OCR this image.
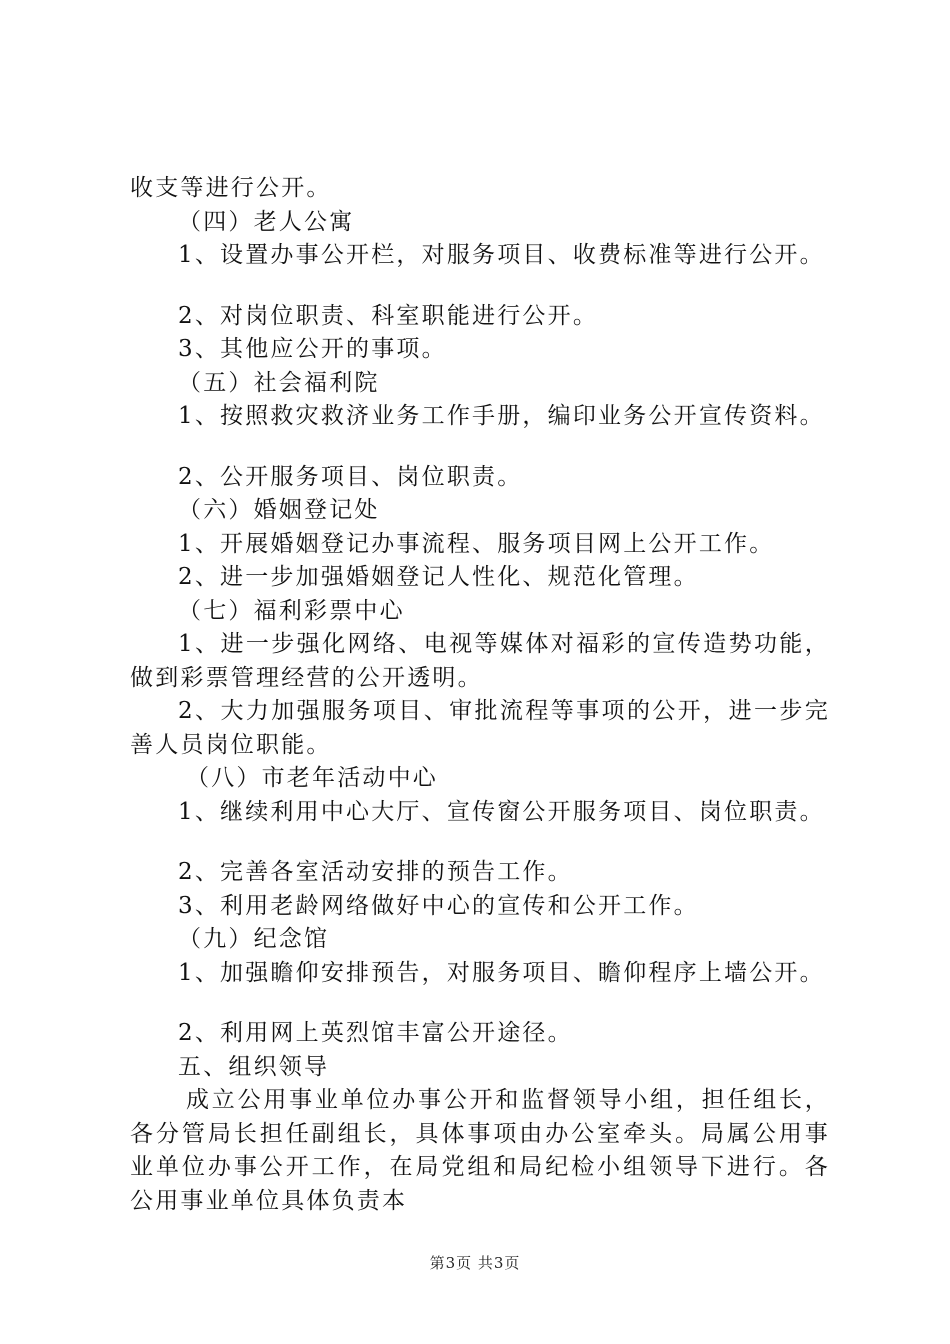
收支等进行公开。
（四）老人公寓
1、设置办事公开栏，对服务项目、收费标准等进行公开。
2、对岗位职责、科室职能进行公开。
3、其他应公开的事项。
（五）社会福利院
1、按照救灾救济业务工作手册，编印业务公开宣传资料。
2、公开服务项目、岗位职责。
（六）婚姻登记处
1、开展婚姻登记办事流程、服务项目网上公开工作。
2、进一步加强婚姻登记人性化、规范化管理。
（七）福利彩票中心
1、进一步强化网络、电视等媒体对福彩的宣传造势功能，做到彩票管理经营的公开透明。
2、大力加强服务项目、审批流程等事项的公开，进一步完善人员岗位职能。
（八）市老年活动中心
1、继续利用中心大厅、宣传窗公开服务项目、岗位职责。
2、完善各室活动安排的预告工作。
3、利用老龄网络做好中心的宣传和公开工作。
（九）纪念馆
1、加强瞻仰安排预告，对服务项目、瞻仰程序上墙公开。
2、利用网上英烈馆丰富公开途径。
五、组织领导
成立公用事业单位办事公开和监督领导小组，担任组长，各分管局长担任副组长，具体事项由办公室牵头。局属公用事业单位办事公开工作，在局党组和局纪检小组领导下进行。各公用事业单位具体负责本
第3页 共3页
